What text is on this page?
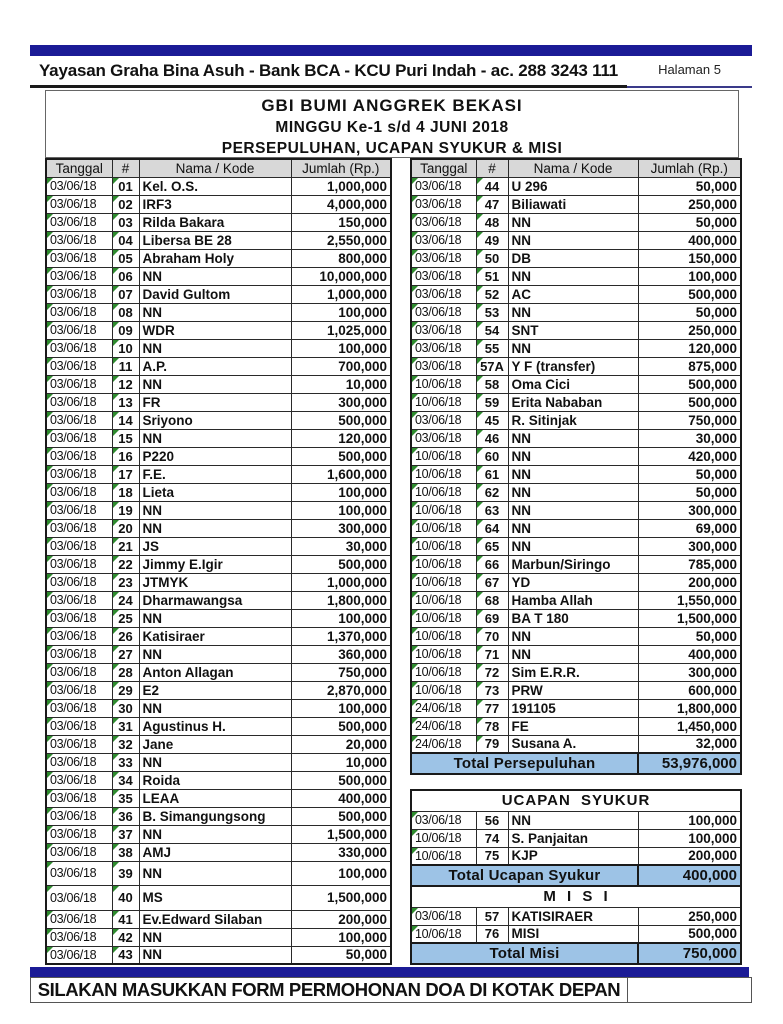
Yayasan Graha Bina Asuh - Bank BCA - KCU Puri Indah - ac. 288 3243 111	Halaman 5
GBI BUMI ANGGREK BEKASI
MINGGU Ke-1 s/d 4 JUNI 2018
PERSEPULUHAN, UCAPAN SYUKUR & MISI
Tanggal	#	Nama / Kode	Jumlah (Rp.)

03/06/18	01	Kel. O.S.	1,000,000

03/06/18	02	IRF3	4,000,000

03/06/18	03	Rilda Bakara	150,000

03/06/18	04	Libersa BE 28	2,550,000

03/06/18	05	Abraham Holy	800,000

03/06/18	06	NN	10,000,000

03/06/18	07	David Gultom	1,000,000

03/06/18	08	NN	100,000

03/06/18	09	WDR	1,025,000

03/06/18	10	NN	100,000

03/06/18	11	A.P.	700,000

03/06/18	12	NN	10,000

03/06/18	13	FR	300,000

03/06/18	14	Sriyono	500,000

03/06/18	15	NN	120,000

03/06/18	16	P220	500,000

03/06/18	17	F.E.	1,600,000

03/06/18	18	Lieta	100,000

03/06/18	19	NN	100,000

03/06/18	20	NN	300,000

03/06/18	21	JS	30,000

03/06/18	22	Jimmy E.Igir	500,000

03/06/18	23	JTMYK	1,000,000

03/06/18	24	Dharmawangsa	1,800,000

03/06/18	25	NN	100,000

03/06/18	26	Katisiraer	1,370,000

03/06/18	27	NN	360,000

03/06/18	28	Anton Allagan	750,000

03/06/18	29	E2	2,870,000

03/06/18	30	NN	100,000

03/06/18	31	Agustinus H.	500,000

03/06/18	32	Jane	20,000

03/06/18	33	NN	10,000

03/06/18	34	Roida	500,000

03/06/18	35	LEAA	400,000

03/06/18	36	B. Simangungsong	500,000

03/06/18	37	NN	1,500,000

03/06/18	38	AMJ	330,000

03/06/18	39	NN	100,000

03/06/18	40	MS	1,500,000

03/06/18	41	Ev.Edward Silaban	200,000

03/06/18	42	NN	100,000

03/06/18	43	NN	50,000
Tanggal	#	Nama / Kode	Jumlah (Rp.)

03/06/18	44	U 296	50,000

03/06/18	47	Biliawati	250,000

03/06/18	48	NN	50,000

03/06/18	49	NN	400,000

03/06/18	50	DB	150,000

03/06/18	51	NN	100,000

03/06/18	52	AC	500,000

03/06/18	53	NN	50,000

03/06/18	54	SNT	250,000

03/06/18	55	NN	120,000

03/06/18	57A	Y F (transfer)	875,000

10/06/18	58	Oma Cici	500,000

10/06/18	59	Erita Nababan	500,000

03/06/18	45	R. Sitinjak	750,000

03/06/18	46	NN	30,000

10/06/18	60	NN	420,000

10/06/18	61	NN	50,000

10/06/18	62	NN	50,000

10/06/18	63	NN	300,000

10/06/18	64	NN	69,000

10/06/18	65	NN	300,000

10/06/18	66	Marbun/Siringo	785,000

10/06/18	67	YD	200,000

10/06/18	68	Hamba Allah	1,550,000

10/06/18	69	BA T 180	1,500,000

10/06/18	70	NN	50,000

10/06/18	71	NN	400,000

10/06/18	72	Sim E.R.R.	300,000

10/06/18	73	PRW	600,000

24/06/18	77	191105	1,800,000

24/06/18	78	FE	1,450,000

24/06/18	79	Susana A.	32,000
Total Persepuluhan			53,976,000
UCAPAN SYUKUR			

03/06/18	56	NN	100,000

10/06/18	74	S. Panjaitan	100,000

10/06/18	75	KJP	200,000
Total Ucapan Syukur			400,000
M I S I			

03/06/18	57	KATISIRAER	250,000

10/06/18	76	MISI	500,000
Total Misi			750,000
SILAKAN MASUKKAN FORM PERMOHONAN DOA DI KOTAK DEPAN
